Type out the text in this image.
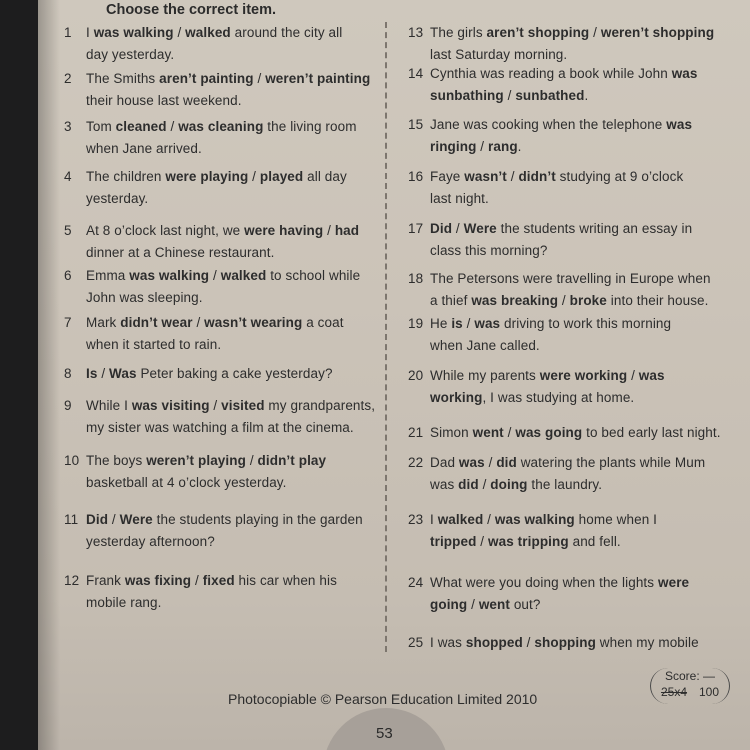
Choose the correct item.
1 I was walking / walked around the city all
day yesterday.
2 The Smiths aren’t painting / weren’t painting
their house last weekend.
3 Tom cleaned / was cleaning the living room
when Jane arrived.
4 The children were playing / played all day
yesterday.
5 At 8 o’clock last night, we were having / had
dinner at a Chinese restaurant.
6 Emma was walking / walked to school while
John was sleeping.
7 Mark didn’t wear / wasn’t wearing a coat
when it started to rain.
8 Is / Was Peter baking a cake yesterday?
9 While I was visiting / visited my grandparents,
my sister was watching a film at the cinema.
10 The boys weren’t playing / didn’t play
basketball at 4 o’clock yesterday.
11 Did / Were the students playing in the garden
yesterday afternoon?
12 Frank was fixing / fixed his car when his
mobile rang.
13 The girls aren’t shopping / weren’t shopping
last Saturday morning.
14 Cynthia was reading a book while John was
sunbathing / sunbathed.
15 Jane was cooking when the telephone was
ringing / rang.
16 Faye wasn’t / didn’t studying at 9 o’clock
last night.
17 Did / Were the students writing an essay in
class this morning?
18 The Petersons were travelling in Europe when
a thief was breaking / broke into their house.
19 He is / was driving to work this morning
when Jane called.
20 While my parents were working / was
working, I was studying at home.
21 Simon went / was going to bed early last night.
22 Dad was / did watering the plants while Mum
was did / doing the laundry.
23 I walked / was walking home when I
tripped / was tripping and fell.
24 What were you doing when the lights were
going / went out?
25 I was shopped / shopping when my mobile
Score: —
25x4 100
Photocopiable © Pearson Education Limited 2010
53
